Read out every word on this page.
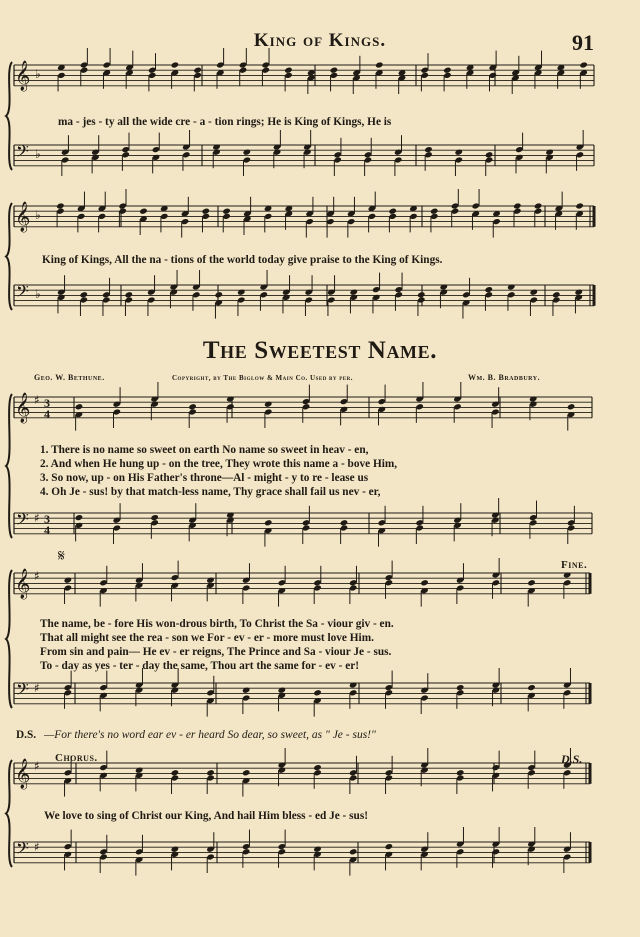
𝄞
𝄢
♭
♭
𝄞
𝄢
♭
♭
𝄞
𝄢
♯
♯
3
4
3
4
𝄞
𝄢
♯
♯
𝄞
𝄢
♯
♯
King of Kings.	91
ma - jes - ty all the wide cre - a - tion rings; He is King of Kings, He is
King of Kings, All the na - tions of the world today give praise to the King of Kings.
The Sweetest Name.
Geo. W. Bethune.	Copyright, by The Biglow & Main Co. Used by per.	Wm. B. Bradbury.
1. There is no name so sweet on earth No name so sweet in heav - en,
2. And when He hung up - on the tree, They wrote this name a - bove Him,
3. So now, up - on His Father's throne—Al - might - y to re - lease us
4. Oh Je - sus! by that match-less name, Thy grace shall fail us nev - er,
𝄋	Fine.
The name, be - fore His won-drous birth, To Christ the Sa - viour giv - en.
That all might see the rea - son we For - ev - er - more must love Him.
From sin and pain— He ev - er reigns, The Prince and Sa - viour Je - sus.
To - day as yes - ter - day the same, Thou art the same for - ev - er!
D.S. —For there's no word ear ev - er heard So dear, so sweet, as " Je - sus!"
Chorus.	D.S.
We love to sing of Christ our King, And hail Him bless - ed Je - sus!
